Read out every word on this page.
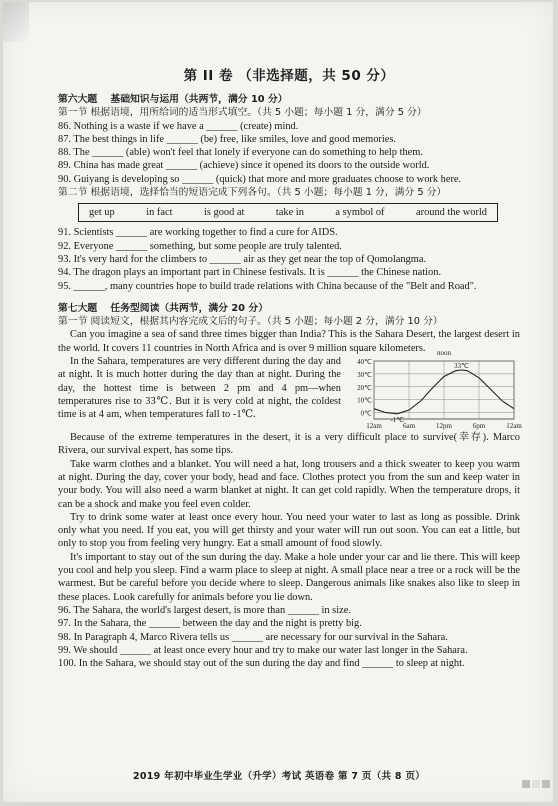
第 II 卷 （非选择题，共 50 分）
第六大题　 基础知识与运用（共两节，满分 10 分）
第一节 根据语境，用所给词的适当形式填空。（共 5 小题；每小题 1 分，满分 5 分）
86. Nothing is a waste if we have a ______ (create) mind.
87. The best things in life ______ (be) free, like smiles, love and good memories.
88. The ______ (able) won't feel that lonely if everyone can do something to help them.
89. China has made great ______ (achieve) since it opened its doors to the outside world.
90. Guiyang is developing so ______ (quick) that more and more graduates choose to work here.
第二节 根据语境，选择恰当的短语完成下列各句。（共 5 小题；每小题 1 分，满分 5 分）
get up	in fact	is good at	take in	a symbol of	around the world
91. Scientists ______ are working together to find a cure for AIDS.
92. Everyone ______ something, but some people are truly talented.
93. It's very hard for the climbers to ______ air as they get near the top of Qomolangma.
94. The dragon plays an important part in Chinese festivals. It is ______ the Chinese nation.
95. ______, many countries hope to build trade relations with China because of the "Belt and Road".
第七大题　 任务型阅读（共两节，满分 20 分）
第一节 阅读短文，根据其内容完成文后的句子。（共 5 小题；每小题 2 分，满分 10 分）
Can you imagine a sea of sand three times bigger than India? This is the Sahara Desert, the largest desert in the world. It covers 11 countries in North Africa and is over 9 million square kilometers.
In the Sahara, temperatures are very different during the day and at night. It is much hotter during the day than at night. During the day, the hottest time is between 2 pm and 4 pm—when temperatures rise to 33℃. But it is very cold at night, the coldest time is at 4 am, when temperatures fall to -1℃.
40℃
30℃
20℃
10℃
0℃
12am	6am	12pm	6pm	12am
noon
33℃
-1℃
Because of the extreme temperatures in the desert, it is a very difficult place to survive(幸存). Marco Rivera, our survival expert, has some tips.
Take warm clothes and a blanket. You will need a hat, long trousers and a thick sweater to keep you warm at night. During the day, cover your body, head and face. Clothes protect you from the sun and keep water in your body. You will also need a warm blanket at night. It can get cold rapidly. When the temperature drops, it can be a shock and make you feel even colder.
Try to drink some water at least once every hour. You need your water to last as long as possible. Drink only what you need. If you eat, you will get thirsty and your water will run out soon. You can eat a little, but only to stop you from feeling very hungry. Eat a small amount of food slowly.
It's important to stay out of the sun during the day. Make a hole under your car and lie there. This will keep you cool and help you sleep. Find a warm place to sleep at night. A small place near a tree or a rock will be the warmest. But be careful before you decide where to sleep. Dangerous animals like snakes also like to sleep in these places. Look carefully for animals before you lie down.
96. The Sahara, the world's largest desert, is more than ______ in size.
97. In the Sahara, the ______ between the day and the night is pretty big.
98. In Paragraph 4, Marco Rivera tells us ______ are necessary for our survival in the Sahara.
99. We should ______ at least once every hour and try to make our water last longer in the Sahara.
100. In the Sahara, we should stay out of the sun during the day and find ______ to sleep at night.
2019 年初中毕业生学业（升学）考试 英语卷 第 7 页（共 8 页）
